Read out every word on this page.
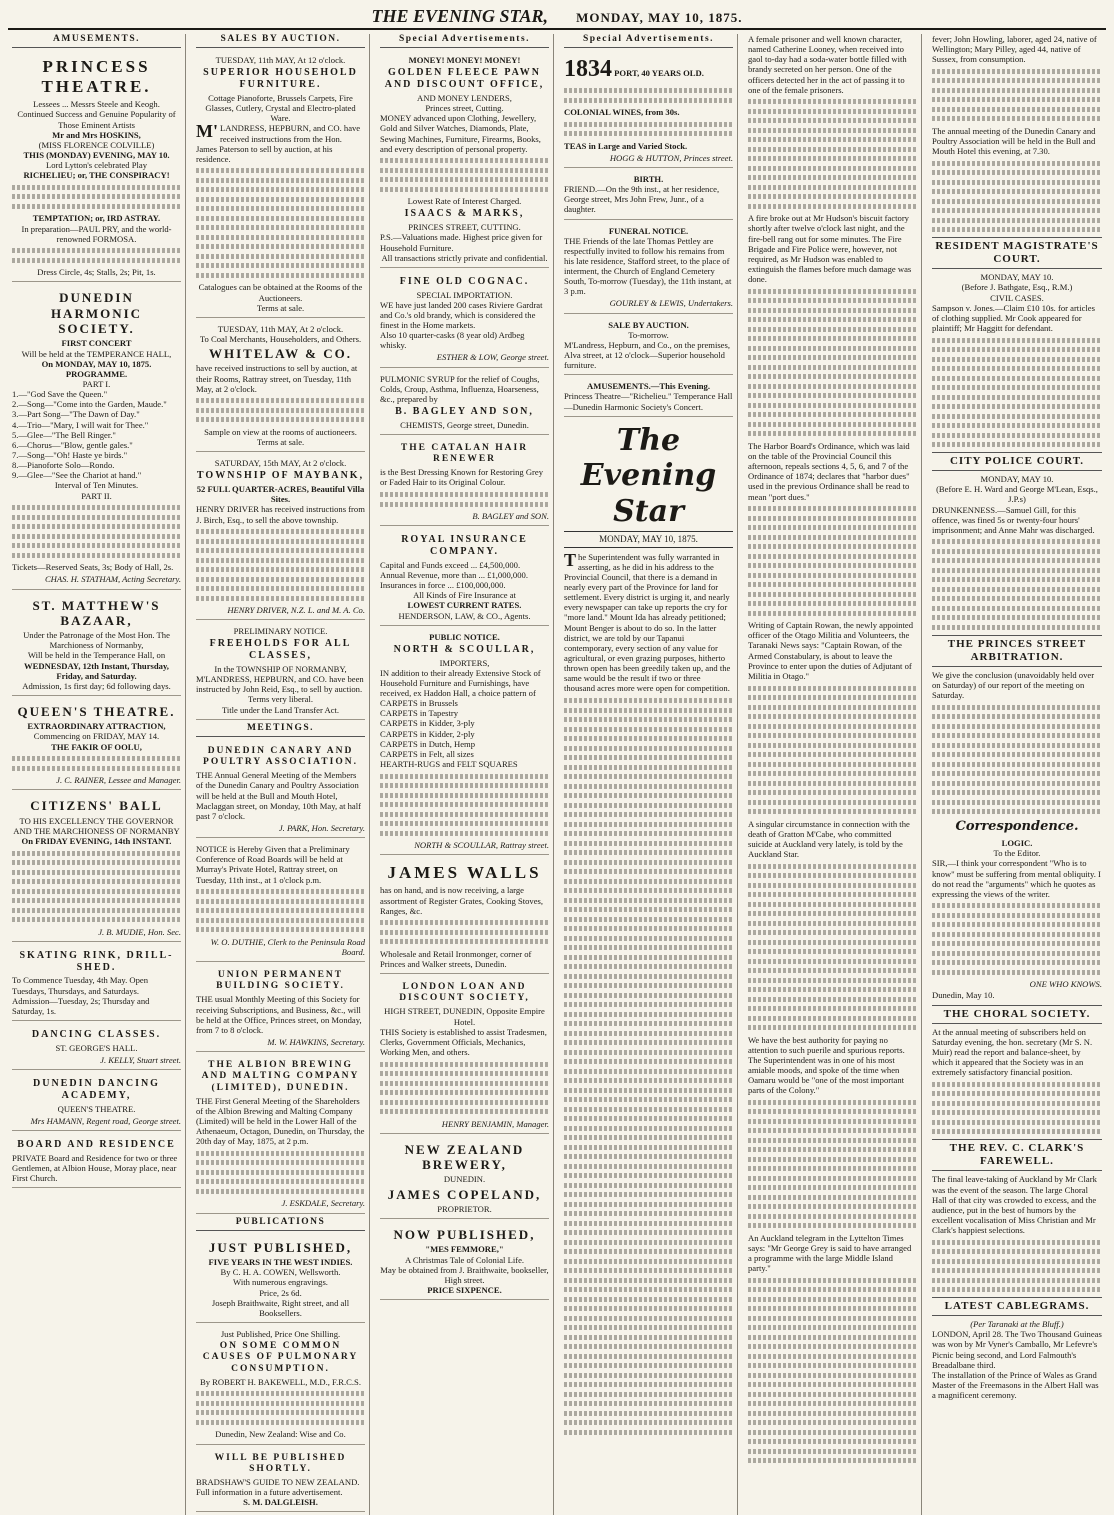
THE EVENING STAR, MONDAY, MAY 10, 1875.
AMUSEMENTS.
PRINCESS THEATRE.
Lessees ... Messrs Steele and Keogh.
Continued Success and Genuine Popularity of
Those Eminent Artists
Mr and Mrs HOSKINS,
(MISS FLORENCE COLVILLE)
THIS (MONDAY) EVENING, MAY 10.
Lord Lytton's celebrated Play
RICHELIEU; or, THE CONSPIRACY!
TEMPTATION; or, IRD ASTRAY.
In preparation—PAUL PRY, and the world-renowned FORMOSA.
Dress Circle, 4s; Stalls, 2s; Pit, 1s.
DUNEDIN HARMONIC SOCIETY.
FIRST CONCERT
Will be held at the TEMPERANCE HALL,
On MONDAY, MAY 10, 1875.
PROGRAMME.
PART I.
1.—"God Save the Queen."
2.—Song—"Come into the Garden, Maude."
3.—Part Song—"The Dawn of Day."
4.—Trio—"Mary, I will wait for Thee."
5.—Glee—"The Bell Ringer."
6.—Chorus—"Blow, gentle gales."
7.—Song—"Oh! Haste ye birds."
8.—Pianoforte Solo—Rondo.
9.—Glee—"See the Chariot at hand."
Interval of Ten Minutes.
PART II.
Tickets—Reserved Seats, 3s; Body of Hall, 2s.
CHAS. H. STATHAM, Acting Secretary.
ST. MATTHEW'S BAZAAR,
Under the Patronage of the Most Hon. The Marchioness of Normanby,
Will be held in the Temperance Hall, on
WEDNESDAY, 12th Instant, Thursday, Friday, and Saturday.
Admission, 1s first day; 6d following days.
QUEEN'S THEATRE.
EXTRAORDINARY ATTRACTION,
Commencing on FRIDAY, MAY 14.
THE FAKIR OF OOLU,
J. C. RAINER, Lessee and Manager.
CITIZENS' BALL
TO HIS EXCELLENCY THE GOVERNOR
AND THE MARCHIONESS OF NORMANBY
On FRIDAY EVENING, 14th INSTANT.
J. B. MUDIE, Hon. Sec.
SKATING RINK, DRILL-SHED.
To Commence Tuesday, 4th May. Open Tuesdays, Thursdays, and Saturdays.
Admission—Tuesday, 2s; Thursday and Saturday, 1s.
DANCING CLASSES.
ST. GEORGE'S HALL.
J. KELLY, Stuart street.
DUNEDIN DANCING ACADEMY,
QUEEN'S THEATRE.
Mrs HAMANN, Regent road, George street.
BOARD AND RESIDENCE
PRIVATE Board and Residence for two or three Gentlemen, at Albion House, Moray place, near First Church.
SALES BY AUCTION.
TUESDAY, 11th MAY, At 12 o'clock.
SUPERIOR HOUSEHOLD FURNITURE.
Cottage Pianoforte, Brussels Carpets, Fire Glasses, Cutlery, Crystal and Electro-plated Ware.
M'LANDRESS, HEPBURN, and CO. have received instructions from the Hon. James Paterson to sell by auction, at his residence.
Catalogues can be obtained at the Rooms of the Auctioneers.
Terms at sale.
TUESDAY, 11th MAY, At 2 o'clock.
To Coal Merchants, Householders, and Others.
WHITELAW & CO.
have received instructions to sell by auction, at their Rooms, Rattray street, on Tuesday, 11th May, at 2 o'clock.
Sample on view at the rooms of auctioneers. Terms at sale.
SATURDAY, 15th MAY, At 2 o'clock.
TOWNSHIP OF MAYBANK,
52 FULL QUARTER-ACRES, Beautiful Villa Sites.
HENRY DRIVER has received instructions from J. Birch, Esq., to sell the above township.
HENRY DRIVER, N.Z. L. and M. A. Co.
PRELIMINARY NOTICE.
FREEHOLDS FOR ALL CLASSES,
In the TOWNSHIP OF NORMANBY,
M'LANDRESS, HEPBURN, and CO. have been instructed by John Reid, Esq., to sell by auction.
Terms very liberal.
Title under the Land Transfer Act.
MEETINGS.
DUNEDIN CANARY AND POULTRY ASSOCIATION.
THE Annual General Meeting of the Members of the Dunedin Canary and Poultry Association will be held at the Bull and Mouth Hotel, Maclaggan street, on Monday, 10th May, at half past 7 o'clock.
J. PARK, Hon. Secretary.
NOTICE is Hereby Given that a Preliminary Conference of Road Boards will be held at Murray's Private Hotel, Rattray street, on Tuesday, 11th inst., at 1 o'clock p.m.
W. O. DUTHIE, Clerk to the Peninsula Road Board.
UNION PERMANENT BUILDING SOCIETY.
THE usual Monthly Meeting of this Society for receiving Subscriptions, and Business, &c., will be held at the Office, Princes street, on Monday, from 7 to 8 o'clock.
M. W. HAWKINS, Secretary.
THE ALBION BREWING AND MALTING COMPANY (LIMITED), DUNEDIN.
THE First General Meeting of the Shareholders of the Albion Brewing and Malting Company (Limited) will be held in the Lower Hall of the Athenaeum, Octagon, Dunedin, on Thursday, the 20th day of May, 1875, at 2 p.m.
J. ESKDALE, Secretary.
PUBLICATIONS
JUST PUBLISHED,
FIVE YEARS IN THE WEST INDIES.
By C. H. A. COWEN, Wellsworth.
With numerous engravings.
Price, 2s 6d.
Joseph Braithwaite, Right street, and all Booksellers.
Just Published, Price One Shilling.
ON SOME COMMON CAUSES OF PULMONARY CONSUMPTION.
By ROBERT H. BAKEWELL, M.D., F.R.C.S.
Dunedin, New Zealand: Wise and Co.
WILL BE PUBLISHED SHORTLY.
BRADSHAW'S GUIDE TO NEW ZEALAND. Full information in a future advertisement.
S. M. DALGLEISH.
Special Advertisements.
MONEY! MONEY! MONEY!
GOLDEN FLEECE PAWN AND DISCOUNT OFFICE,
AND MONEY LENDERS,
Princes street, Cutting.
MONEY advanced upon Clothing, Jewellery, Gold and Silver Watches, Diamonds, Plate, Sewing Machines, Furniture, Firearms, Books, and every description of personal property.
Lowest Rate of Interest Charged.
ISAACS & MARKS,
PRINCES STREET, CUTTING.
P.S.—Valuations made. Highest price given for Household Furniture.
All transactions strictly private and confidential.
FINE OLD COGNAC.
SPECIAL IMPORTATION.
WE have just landed 200 cases Riviere Gardrat and Co.'s old brandy, which is considered the finest in the Home markets.
Also 10 quarter-casks (8 year old) Ardbeg whisky.
ESTHER & LOW, George street.
PULMONIC SYRUP for the relief of Coughs, Colds, Croup, Asthma, Influenza, Hoarseness, &c., prepared by
B. BAGLEY AND SON,
CHEMISTS, George street, Dunedin.
THE CATALAN HAIR RENEWER
is the Best Dressing Known for Restoring Grey or Faded Hair to its Original Colour.
B. BAGLEY and SON.
ROYAL INSURANCE COMPANY.
Capital and Funds exceed ... £4,500,000.
Annual Revenue, more than ... £1,000,000.
Insurances in force ... £100,000,000.
All Kinds of Fire Insurance at
LOWEST CURRENT RATES.
HENDERSON, LAW, & CO., Agents.
PUBLIC NOTICE.
NORTH & SCOULLAR,
IMPORTERS,
IN addition to their already Extensive Stock of Household Furniture and Furnishings, have received, ex Haddon Hall, a choice pattern of
CARPETS in Brussels
CARPETS in Tapestry
CARPETS in Kidder, 3-ply
CARPETS in Kidder, 2-ply
CARPETS in Dutch, Hemp
CARPETS in Felt, all sizes
HEARTH-RUGS and FELT SQUARES
NORTH & SCOULLAR, Rattray street.
JAMES WALLS
has on hand, and is now receiving, a large assortment of Register Grates, Cooking Stoves, Ranges, &c.
Wholesale and Retail Ironmonger, corner of Princes and Walker streets, Dunedin.
LONDON LOAN AND DISCOUNT SOCIETY,
HIGH STREET, DUNEDIN, Opposite Empire Hotel.
THIS Society is established to assist Tradesmen, Clerks, Government Officials, Mechanics, Working Men, and others.
HENRY BENJAMIN, Manager.
NEW ZEALAND BREWERY,
DUNEDIN.
JAMES COPELAND,
PROPRIETOR.
NOW PUBLISHED,
"MES FEMMORE,"
A Christmas Tale of Colonial Life.
May be obtained from J. Braithwaite, bookseller, High street.
PRICE SIXPENCE.
Special Advertisements.
1834 PORT, 40 YEARS OLD.
COLONIAL WINES, from 30s.
TEAS in Large and Varied Stock.
HOGG & HUTTON, Princes street.
BIRTH.
FRIEND.—On the 9th inst., at her residence, George street, Mrs John Frew, Junr., of a daughter.
FUNERAL NOTICE.
THE Friends of the late Thomas Pettley are respectfully invited to follow his remains from his late residence, Stafford street, to the place of interment, the Church of England Cemetery South, To-morrow (Tuesday), the 11th instant, at 3 p.m.
GOURLEY & LEWIS, Undertakers.
SALE BY AUCTION.
To-morrow.
M'Landress, Hepburn, and Co., on the premises, Alva street, at 12 o'clock—Superior household furniture.
AMUSEMENTS.—This Evening.
Princess Theatre—"Richelieu." Temperance Hall—Dunedin Harmonic Society's Concert.
The Evening Star
MONDAY, MAY 10, 1875.
The Superintendent was fully warranted in asserting, as he did in his address to the Provincial Council, that there is a demand in nearly every part of the Province for land for settlement. Every district is urging it, and nearly every newspaper can take up reports the cry for "more land." Mount Ida has already petitioned; Mount Benger is about to do so. In the latter district, we are told by our Tapanui contemporary, every section of any value for agricultural, or even grazing purposes, hitherto thrown open has been greedily taken up, and the same would be the result if two or three thousand acres more were open for competition.
A female prisoner and well known character, named Catherine Looney, when received into gaol to-day had a soda-water bottle filled with brandy secreted on her person. One of the officers detected her in the act of passing it to one of the female prisoners.
A fire broke out at Mr Hudson's biscuit factory shortly after twelve o'clock last night, and the fire-bell rang out for some minutes. The Fire Brigade and Fire Police were, however, not required, as Mr Hudson was enabled to extinguish the flames before much damage was done.
The Harbor Board's Ordinance, which was laid on the table of the Provincial Council this afternoon, repeals sections 4, 5, 6, and 7 of the Ordinance of 1874; declares that "harbor dues" used in the previous Ordinance shall be read to mean "port dues."
Writing of Captain Rowan, the newly appointed officer of the Otago Militia and Volunteers, the Taranaki News says: "Captain Rowan, of the Armed Constabulary, is about to leave the Province to enter upon the duties of Adjutant of Militia in Otago."
A singular circumstance in connection with the death of Gratton M'Cabe, who committed suicide at Auckland very lately, is told by the Auckland Star.
We have the best authority for paying no attention to such puerile and spurious reports. The Superintendent was in one of his most amiable moods, and spoke of the time when Oamaru would be "one of the most important parts of the Colony."
An Auckland telegram in the Lyttelton Times says: "Mr George Grey is said to have arranged a programme with the large Middle Island party."
fever; John Howling, laborer, aged 24, native of Wellington; Mary Pilley, aged 44, native of Sussex, from consumption.
The annual meeting of the Dunedin Canary and Poultry Association will be held in the Bull and Mouth Hotel this evening, at 7.30.
RESIDENT MAGISTRATE'S COURT.
MONDAY, MAY 10.
(Before J. Bathgate, Esq., R.M.)
CIVIL CASES.
Sampson v. Jones.—Claim £10 10s. for articles of clothing supplied. Mr Cook appeared for plaintiff; Mr Haggitt for defendant.
CITY POLICE COURT.
MONDAY, MAY 10.
(Before E. H. Ward and George M'Lean, Esqs., J.P.s)
DRUNKENNESS.—Samuel Gill, for this offence, was fined 5s or twenty-four hours' imprisonment; and Anne Mahr was discharged.
THE PRINCES STREET ARBITRATION.
We give the conclusion (unavoidably held over on Saturday) of our report of the meeting on Saturday.
Correspondence.
LOGIC.
To the Editor.
SIR,—I think your correspondent "Who is to know" must be suffering from mental obliquity. I do not read the "arguments" which he quotes as expressing the views of the writer.
ONE WHO KNOWS.
Dunedin, May 10.
THE CHORAL SOCIETY.
At the annual meeting of subscribers held on Saturday evening, the hon. secretary (Mr S. N. Muir) read the report and balance-sheet, by which it appeared that the Society was in an extremely satisfactory financial position.
THE REV. C. CLARK'S FAREWELL.
The final leave-taking of Auckland by Mr Clark was the event of the season. The large Choral Hall of that city was crowded to excess, and the audience, put in the best of humors by the excellent vocalisation of Miss Christian and Mr Clark's happiest selections.
LATEST CABLEGRAMS.
(Per Taranaki at the Bluff.)
LONDON, April 28. The Two Thousand Guineas was won by Mr Vyner's Camballo, Mr Lefevre's Picnic being second, and Lord Falmouth's Breadalbane third.
The installation of the Prince of Wales as Grand Master of the Freemasons in the Albert Hall was a magnificent ceremony.
